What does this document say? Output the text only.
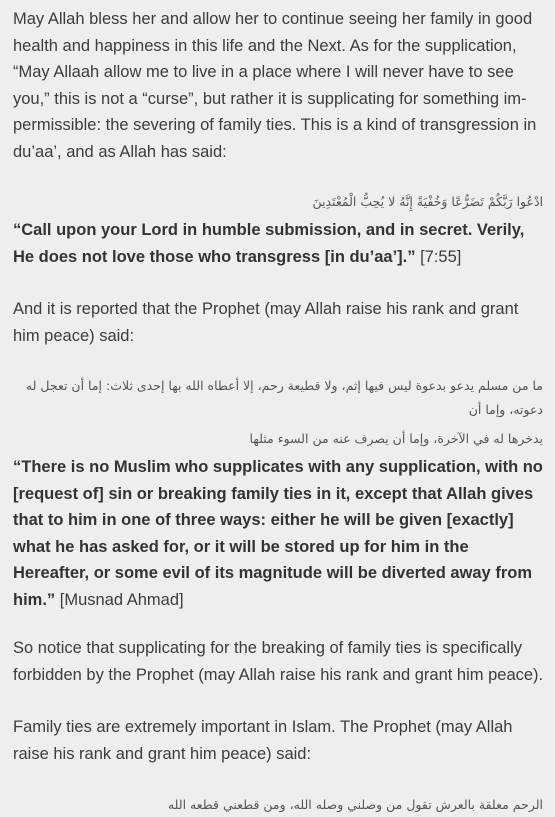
May Allah bless her and allow her to continue seeing her family in good
health and happiness in this life and the Next. As for the supplication,
“May Allaah allow me to live in a place where I will never have to see
you,” this is not a “curse”, but rather it is supplicating for something im-
permissible: the severing of family ties. This is a kind of transgression in
du’aa’, and as Allah has said:

ادْعُوا رَبَّكُمْ تَضَرُّعًا وَخُفْيَةً إِنَّهُ لا يُحِبُّ الْمُعْتَدِينَ

“Call upon your Lord in humble submission, and in secret. Verily,
He does not love those who transgress [in du’aa’].” [7:55]

And it is reported that the Prophet (may Allah raise his rank and grant
him peace) said:

ما من مسلم يدعو بدعوة ليس فيها إثم، ولا قطيعة رحم، إلا أعطاه الله بها إحدى ثلاث: إما أن تعجل له

دعوته، وإما أن

يدخرها له في الآخرة، وإما أن يصرف عنه من السوء مثلها

“There is no Muslim who supplicates with any supplication, with no
[request of] sin or breaking family ties in it, except that Allah gives
that to him in one of three ways: either he will be given [exactly]
what he has asked for, or it will be stored up for him in the
Hereafter, or some evil of its magnitude will be diverted away from
him.” [Musnad Ahmad]

So notice that supplicating for the breaking of family ties is specifically
forbidden by the Prophet (may Allah raise his rank and grant him peace).

Family ties are extremely important in Islam. The Prophet (may Allah
raise his rank and grant him peace) said:

الرحم معلقة بالعرش تقول من وصلني وصله الله، ومن قطعني قطعه الله
